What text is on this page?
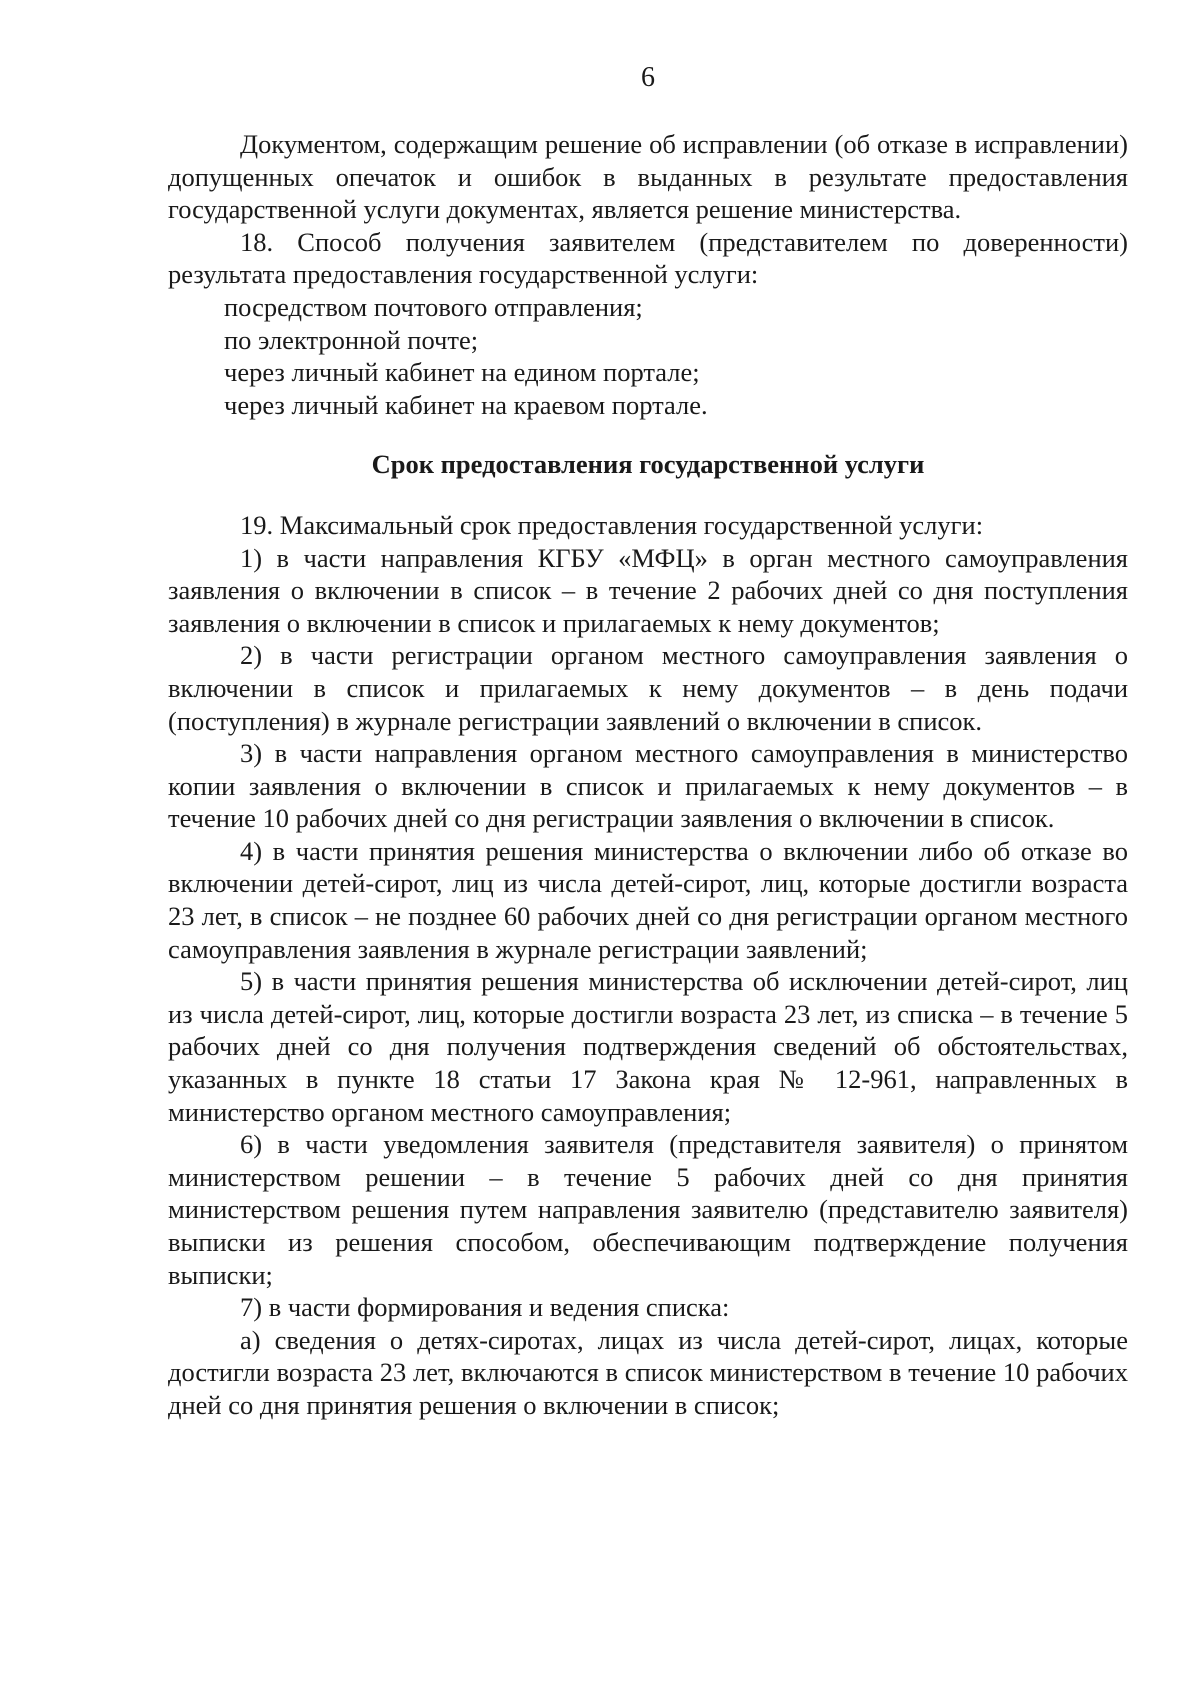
6

Документом, содержащим решение об исправлении (об отказе в исправлении) допущенных опечаток и ошибок в выданных в результате предоставления государственной услуги документах, является решение министерства.

18. Способ получения заявителем (представителем по доверенности) результата предоставления государственной услуги:

посредством почтового отправления;

по электронной почте;

через личный кабинет на едином портале;

через личный кабинет на краевом портале.

Срок предоставления государственной услуги

19. Максимальный срок предоставления государственной услуги:

1) в части направления КГБУ «МФЦ» в орган местного самоуправления заявления о включении в список – в течение 2 рабочих дней со дня поступления заявления о включении в список и прилагаемых к нему документов;

2) в части регистрации органом местного самоуправления заявления о включении в список и прилагаемых к нему документов – в день подачи (поступления) в журнале регистрации заявлений о включении в список.

3) в части направления органом местного самоуправления в министерство копии заявления о включении в список и прилагаемых к нему документов – в течение 10 рабочих дней со дня регистрации заявления о включении в список.

4) в части принятия решения министерства о включении либо об отказе во включении детей-сирот, лиц из числа детей-сирот, лиц, которые достигли возраста 23 лет, в список – не позднее 60 рабочих дней со дня регистрации органом местного самоуправления заявления в журнале регистрации заявлений;

5) в части принятия решения министерства об исключении детей-сирот, лиц из числа детей-сирот, лиц, которые достигли возраста 23 лет, из списка – в течение 5 рабочих дней со дня получения подтверждения сведений об обстоятельствах, указанных в пункте 18 статьи 17 Закона края № 12-961, направленных в министерство органом местного самоуправления;

6) в части уведомления заявителя (представителя заявителя) о принятом министерством решении – в течение 5 рабочих дней со дня принятия министерством решения путем направления заявителю (представителю заявителя) выписки из решения способом, обеспечивающим подтверждение получения выписки;

7) в части формирования и ведения списка:

а) сведения о детях-сиротах, лицах из числа детей-сирот, лицах, которые достигли возраста 23 лет, включаются в список министерством в течение 10 рабочих дней со дня принятия решения о включении в список;
